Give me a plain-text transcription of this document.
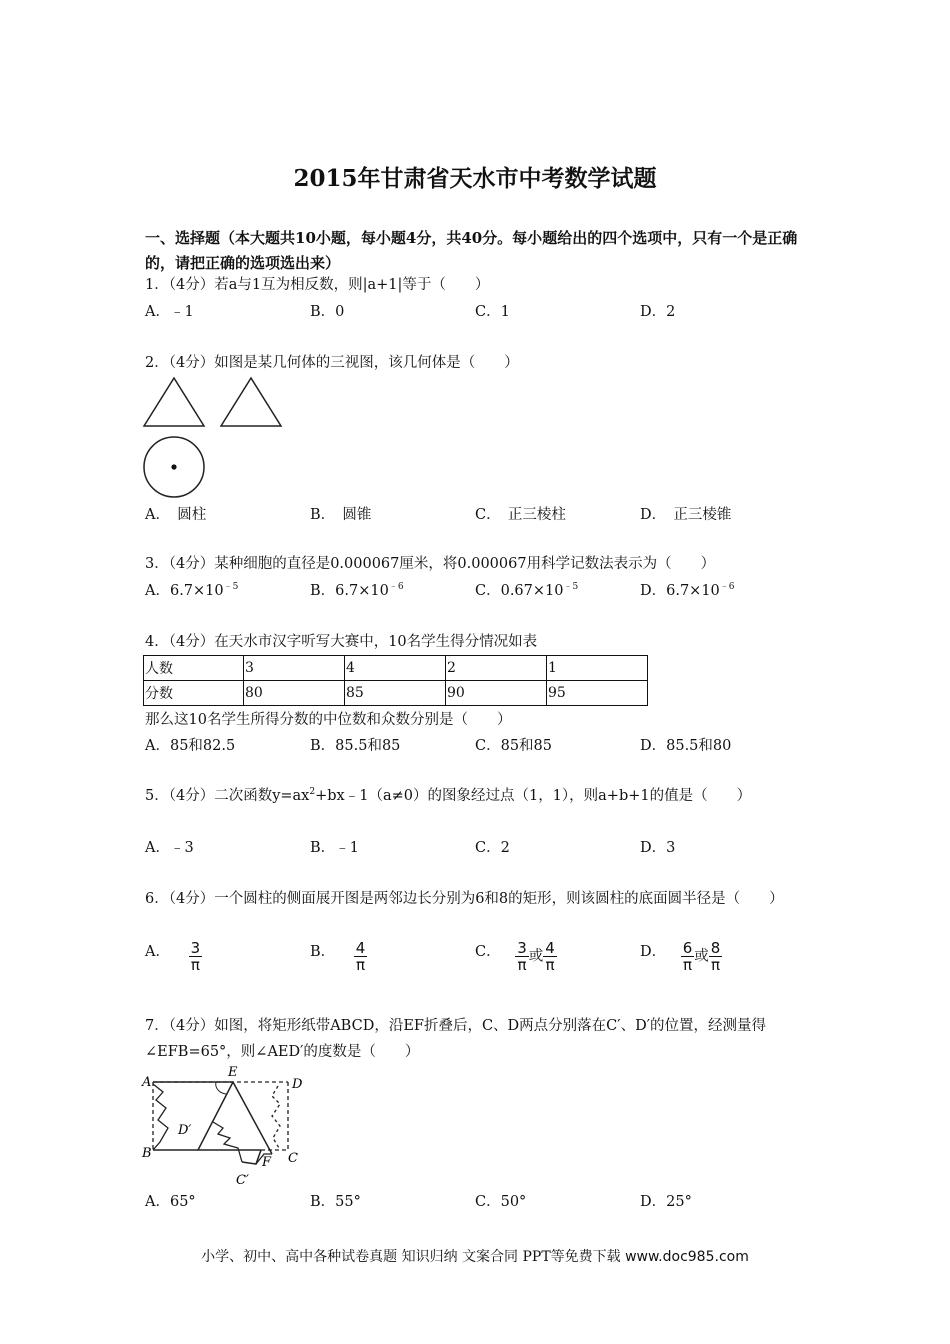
2015年甘肃省天水市中考数学试题
一、选择题（本大题共10小题，每小题4分，共40分。每小题给出的四个选项中，只有一个是正确的，请把正确的选项选出来）
1．（4分）若a与1互为相反数，则|a+1|等于（　　）
A．﹣1	B．0	C．1	D．2
2．（4分）如图是某几何体的三视图，该几何体是（　　）
A．　圆柱	B．　圆锥	C．　正三棱柱	D．　正三棱锥
3．（4分）某种细胞的直径是0.000067厘米，将0.000067用科学记数法表示为（　　）
A．$6.7\times 10^{﹣5}$	B．$6.7\times 10^{﹣6}$	C．$0.67\times 10^{﹣5}$	D．$6.7\times 10^{﹣6}$
4．（4分）在天水市汉字听写大赛中，10名学生得分情况如表
人数	3	4	2	1
分数	80	85	90	95
那么这10名学生所得分数的中位数和众数分别是（　　）
A．85和82.5	B．85.5和85	C．85和85	D．85.5和80
5．（4分）二次函数$y=ax^2+bx﹣1(a\ne 0)$的图象经过点（1，1），则a+b+1的值是（　　）
A．﹣3	B．﹣1	C．2	D．3
6．（4分）一个圆柱的侧面展开图是两邻边长分别为6和8的矩形，则该圆柱的底面圆半径是（　　）
A． $\frac{3}{\pi}$	B． $\frac{4}{\pi}$	C． $\frac{3}{\pi}$ 或 $\frac{4}{\pi}$	D． $\frac{6}{\pi}$ 或 $\frac{8}{\pi}$
7．（4分）如图，将矩形纸带ABCD，沿EF折叠后，C、D两点分别落在C′、D′的位置，经测量得∠EFB=65°，则∠AED′的度数是（　　）
A
B
D
C
E
F
D′
C′
A．65°	B．55°	C．50°	D．25°
小学、初中、高中各种试卷真题 知识归纳 文案合同 PPT等免费下载 www.doc985.com
